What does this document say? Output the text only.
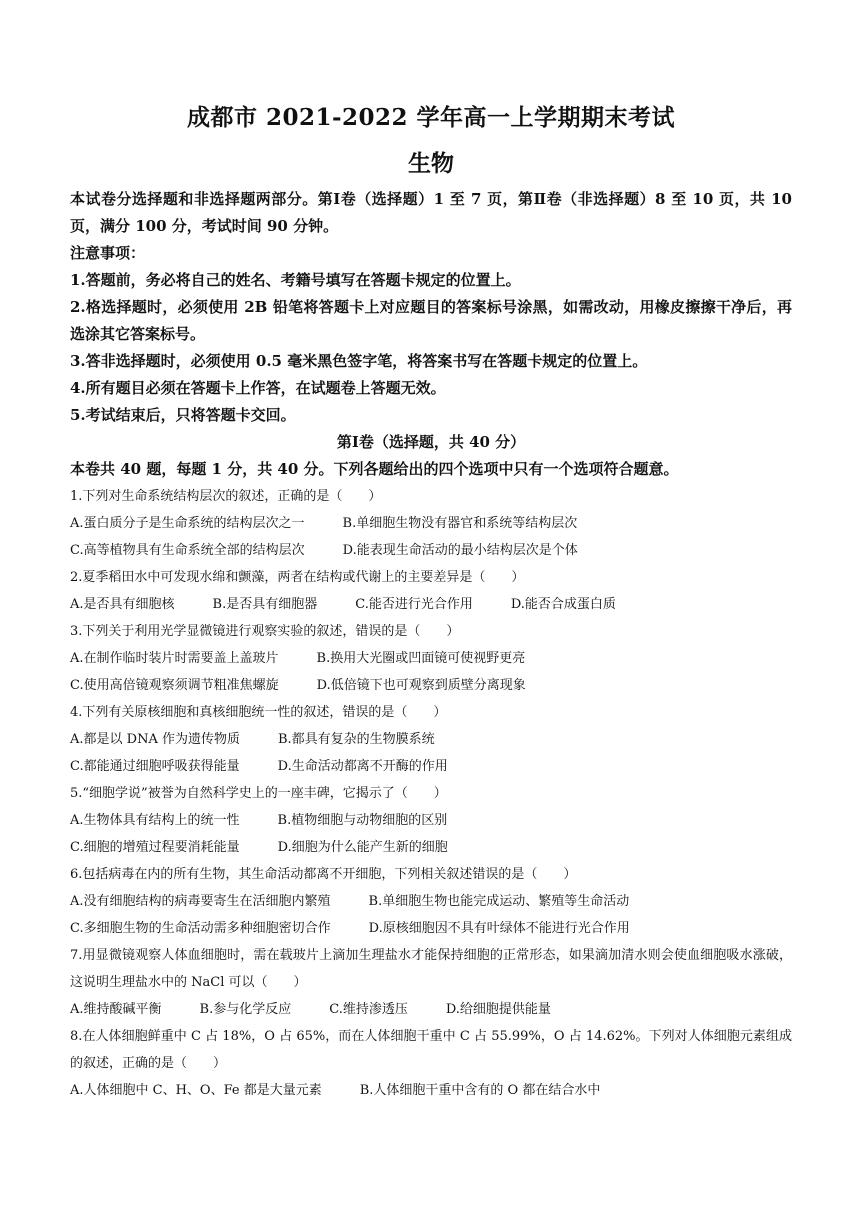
成都市 2021-2022 学年高一上学期期末考试
生物

本试卷分选择题和非选择题两部分。第Ⅰ卷（选择题）1 至 7 页，第Ⅱ卷（非选择题）8 至 10 页，共 10 页，满分 100 分，考试时间 90 分钟。

注意事项：

1.答题前，务必将自己的姓名、考籍号填写在答题卡规定的位置上。

2.格选择题时，必须使用 2B 铅笔将答题卡上对应题目的答案标号涂黑，如需改动，用橡皮擦擦干净后，再选涂其它答案标号。

3.答非选择题时，必须使用 0.5 毫米黑色签字笔，将答案书写在答题卡规定的位置上。

4.所有题目必须在答题卡上作答，在试题卷上答题无效。

5.考试结束后，只将答题卡交回。

第Ⅰ卷（选择题，共 40 分）

本卷共 40 题，每题 1 分，共 40 分。下列各题给出的四个选项中只有一个选项符合题意。

1.下列对生命系统结构层次的叙述，正确的是（　　）

A.蛋白质分子是生命系统的结构层次之一	B.单细胞生物没有器官和系统等结构层次
C.高等植物具有生命系统全部的结构层次	D.能表现生命活动的最小结构层次是个体

2.夏季稻田水中可发现水绵和颤藻，两者在结构或代谢上的主要差异是（　　）

A.是否具有细胞核	B.是否具有细胞器	C.能否进行光合作用	D.能否合成蛋白质

3.下列关于利用光学显微镜进行观察实验的叙述，错误的是（　　）

A.在制作临时装片时需要盖上盖玻片	B.换用大光圈或凹面镜可使视野更亮
C.使用高倍镜观察须调节粗准焦螺旋	D.低倍镜下也可观察到质壁分离现象

4.下列有关原核细胞和真核细胞统一性的叙述，错误的是（　　）

A.都是以 DNA 作为遗传物质	B.都具有复杂的生物膜系统
C.都能通过细胞呼吸获得能量	D.生命活动都离不开酶的作用

5.“细胞学说”被誉为自然科学史上的一座丰碑，它揭示了（　　）

A.生物体具有结构上的统一性	B.植物细胞与动物细胞的区别
C.细胞的增殖过程要消耗能量	D.细胞为什么能产生新的细胞

6.包括病毒在内的所有生物，其生命活动都离不开细胞，下列相关叙述错误的是（　　）

A.没有细胞结构的病毒要寄生在活细胞内繁殖	B.单细胞生物也能完成运动、繁殖等生命活动
C.多细胞生物的生命活动需多种细胞密切合作	D.原核细胞因不具有叶绿体不能进行光合作用

7.用显微镜观察人体血细胞时，需在载玻片上滴加生理盐水才能保持细胞的正常形态，如果滴加清水则会使血细胞吸水涨破，这说明生理盐水中的 NaCl 可以（　　）

A.维持酸碱平衡	B.参与化学反应	C.维持渗透压	D.给细胞提供能量

8.在人体细胞鲜重中 C 占 18%，O 占 65%，而在人体细胞干重中 C 占 55.99%，O 占 14.62%。下列对人体细胞元素组成的叙述，正确的是（　　）

A.人体细胞中 C、H、O、Fe 都是大量元素	B.人体细胞干重中含有的 O 都在结合水中
